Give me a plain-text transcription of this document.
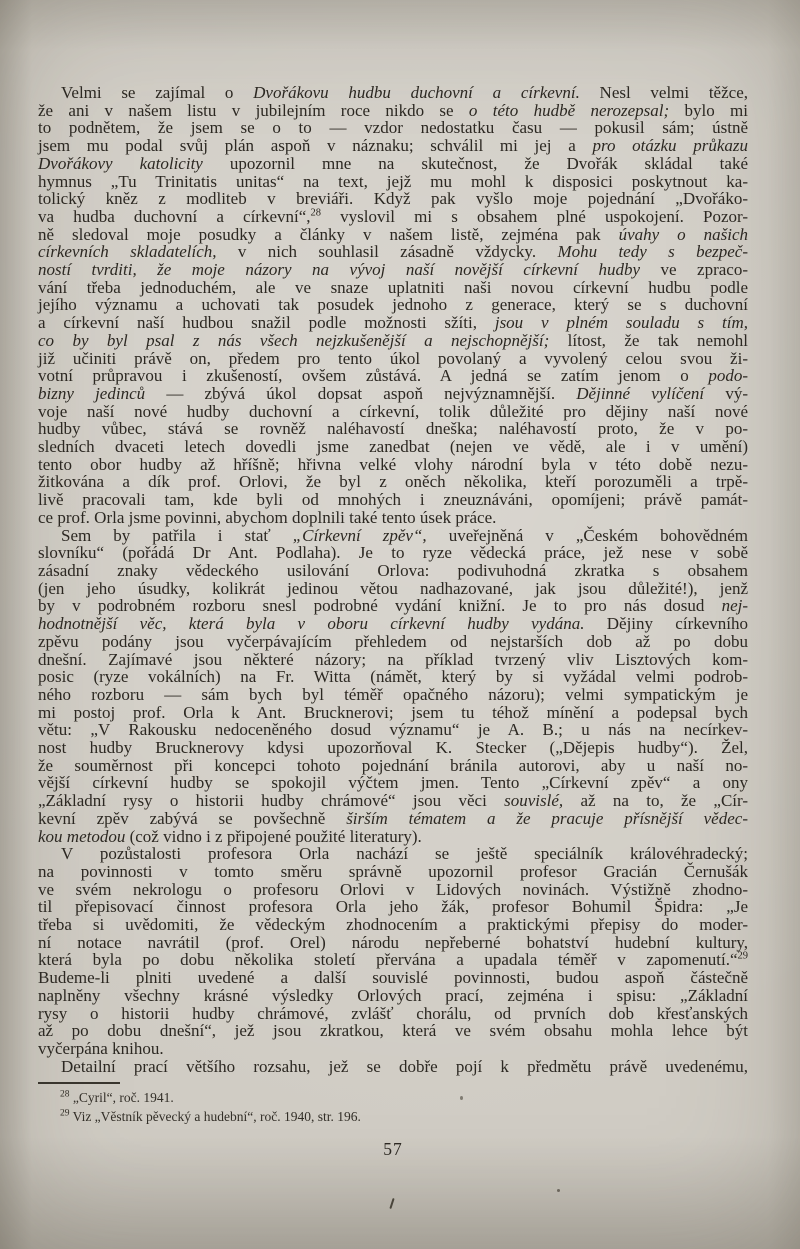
Velmi se zajímal o Dvořákovu hudbu duchovní a církevní. Nesl velmi těžce,
že ani v našem listu v jubilejním roce nikdo se o této hudbě nerozepsal; bylo mi
to podnětem, že jsem se o to — vzdor nedostatku času — pokusil sám; ústně
jsem mu podal svůj plán aspoň v náznaku; schválil mi jej a pro otázku průkazu
Dvořákovy katolicity upozornil mne na skutečnost, že Dvořák skládal také
hymnus „Tu Trinitatis unitas“ na text, jejž mu mohl k disposici poskytnout ka-
tolický kněz z modliteb v breviáři. Když pak vyšlo moje pojednání „Dvořáko-
va hudba duchovní a církevní“,$^{28}$ vyslovil mi s obsahem plné uspokojení. Pozor-
ně sledoval moje posudky a články v našem listě, zejména pak úvahy o našich
církevních skladatelích, v nich souhlasil zásadně vždycky. Mohu tedy s bezpeč-
ností tvrditi, že moje názory na vývoj naší novější církevní hudby ve zpraco-
vání třeba jednoduchém, ale ve snaze uplatniti naši novou církevní hudbu podle
jejího významu a uchovati tak posudek jednoho z generace, který se s duchovní
a církevní naší hudbou snažil podle možnosti sžíti, jsou v plném souladu s tím,
co by byl psal z nás všech nejzkušenější a nejschopnější; lítost, že tak nemohl
již učiniti právě on, předem pro tento úkol povolaný a vyvolený celou svou ži-
votní průpravou i zkušeností, ovšem zůstává. A jedná se zatím jenom o podo-
bizny jedinců — zbývá úkol dopsat aspoň nejvýznamnější. Dějinné vylíčení vý-
voje naší nové hudby duchovní a církevní, tolik důležité pro dějiny naší nové
hudby vůbec, stává se rovněž naléhavostí dneška; naléhavostí proto, že v po-
sledních dvaceti letech dovedli jsme zanedbat (nejen ve vědě, ale i v umění)
tento obor hudby až hříšně; hřivna velké vlohy národní byla v této době nezu-
žitkována a dík prof. Orlovi, že byl z oněch několika, kteří porozuměli a trpě-
livě pracovali tam, kde byli od mnohých i zneuznáváni, opomíjeni; právě památ-
ce prof. Orla jsme povinni, abychom doplnili také tento úsek práce.
Sem by patřila i stať „Církevní zpěv“, uveřejněná v „Českém bohovědném
slovníku“ (pořádá Dr Ant. Podlaha). Je to ryze vědecká práce, jež nese v sobě
zásadní znaky vědeckého usilování Orlova: podivuhodná zkratka s obsahem
(jen jeho úsudky, kolikrát jedinou větou nadhazované, jak jsou důležité!), jenž
by v podrobném rozboru snesl podrobné vydání knižní. Je to pro nás dosud nej-
hodnotnější věc, která byla v oboru církevní hudby vydána. Dějiny církevního
zpěvu podány jsou vyčerpávajícím přehledem od nejstarších dob až po dobu
dnešní. Zajímavé jsou některé názory; na příklad tvrzený vliv Lisztových kom-
posic (ryze vokálních) na Fr. Witta (námět, který by si vyžádal velmi podrob-
ného rozboru — sám bych byl téměř opačného názoru); velmi sympatickým je
mi postoj prof. Orla k Ant. Brucknerovi; jsem tu téhož mínění a podepsal bych
větu: „V Rakousku nedoceněného dosud významu“ je A. B.; u nás na necírkev-
nost hudby Brucknerovy kdysi upozorňoval K. Stecker („Dějepis hudby“). Žel,
že souměrnost při koncepci tohoto pojednání bránila autorovi, aby u naší no-
vější církevní hudby se spokojil výčtem jmen. Tento „Církevní zpěv“ a ony
„Základní rysy o historii hudby chrámové“ jsou věci souvislé, až na to, že „Cír-
kevní zpěv zabývá se povšechně širším tématem a že pracuje přísnější vědec-
kou metodou (což vidno i z připojené použité literatury).
V pozůstalosti profesora Orla nachází se ještě speciálník královéhradecký;
na povinnosti v tomto směru správně upozornil profesor Gracián Černušák
ve svém nekrologu o profesoru Orlovi v Lidových novinách. Výstižně zhodno-
til přepisovací činnost profesora Orla jeho žák, profesor Bohumil Špidra: „Je
třeba si uvědomiti, že vědeckým zhodnocením a praktickými přepisy do moder-
ní notace navrátil (prof. Orel) národu nepřeberné bohatství hudební kultury,
která byla po dobu několika století přervána a upadala téměř v zapomenutí.“$^{29}$
Budeme-li plniti uvedené a další souvislé povinnosti, budou aspoň částečně
naplněny všechny krásné výsledky Orlových prací, zejména i spisu: „Základní
rysy o historii hudby chrámové, zvlášť chorálu, od prvních dob křesťanských
až po dobu dnešní“, jež jsou zkratkou, která ve svém obsahu mohla lehce být
vyčerpána knihou.
Detailní prací většího rozsahu, jež se dobře pojí k předmětu právě uvedenému,
$^{28}$ „Cyril“, roč. 1941.
$^{29}$ Viz „Věstník pěvecký a hudební“, roč. 1940, str. 196.
57
